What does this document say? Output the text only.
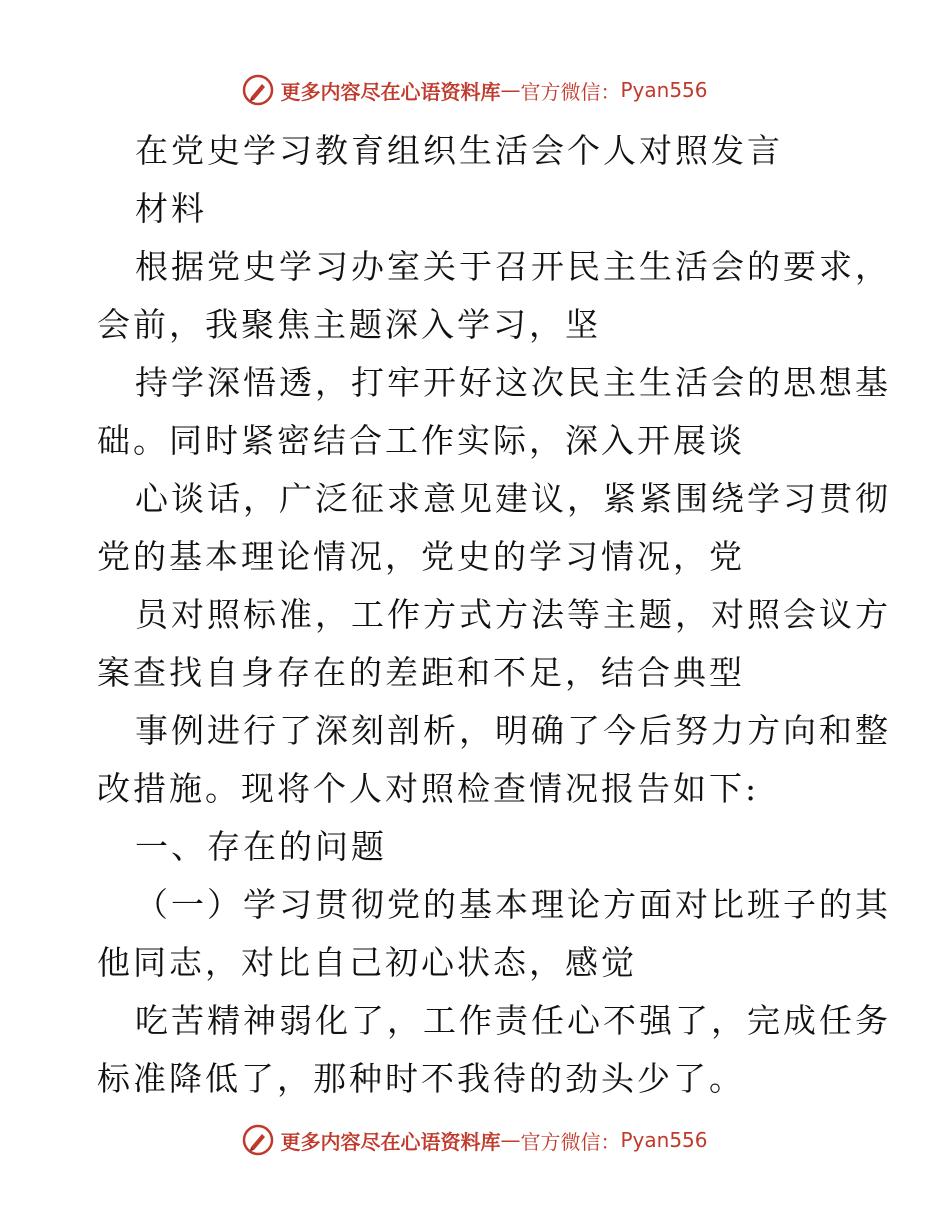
更多内容尽在心语资料库 — 官方微信： Pyan556
在党史学习教育组织生活会个人对照发言
材料
根据党史学习办室关于召开民主生活会的要求，
会前，我聚焦主题深入学习，坚
持学深悟透，打牢开好这次民主生活会的思想基
础。同时紧密结合工作实际，深入开展谈
心谈话，广泛征求意见建议，紧紧围绕学习贯彻
党的基本理论情况，党史的学习情况，党
员对照标准，工作方式方法等主题，对照会议方
案查找自身存在的差距和不足，结合典型
事例进行了深刻剖析，明确了今后努力方向和整
改措施。现将个人对照检查情况报告如下:
一、存在的问题
（一）学习贯彻党的基本理论方面对比班子的其
他同志，对比自己初心状态，感觉
吃苦精神弱化了，工作责任心不强了，完成任务
标准降低了，那种时不我待的劲头少了。
更多内容尽在心语资料库 — 官方微信： Pyan556
